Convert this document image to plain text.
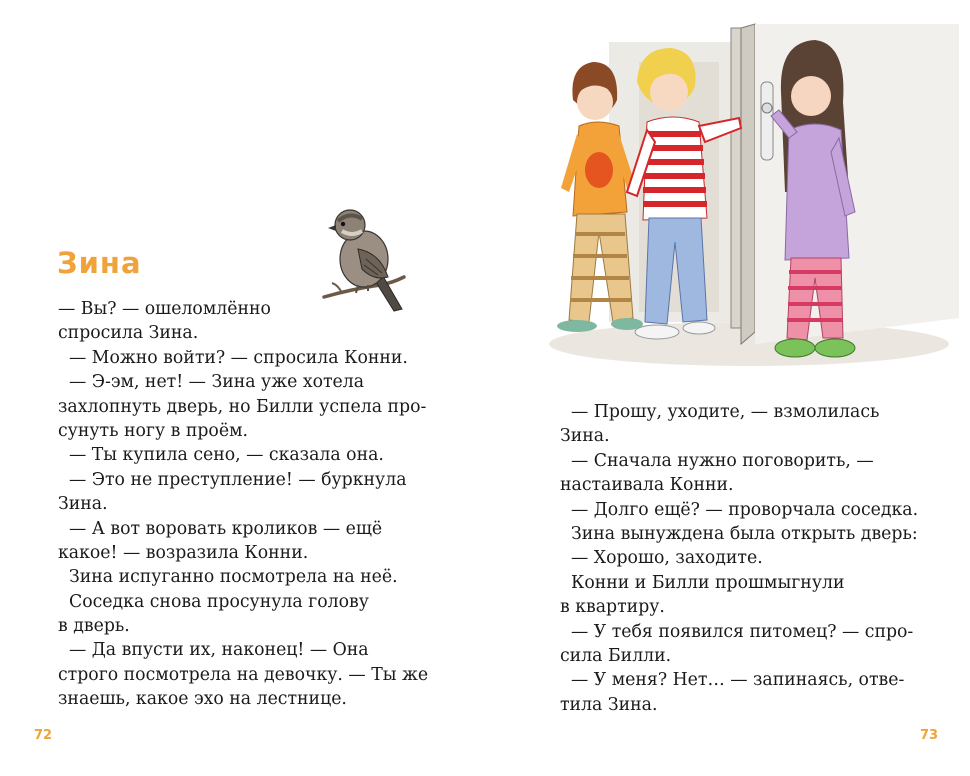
Зина
— Вы? — ошеломлённо
спросила Зина.
— Можно войти? — спросила Конни.
— Э-эм, нет! — Зина уже хотела
захлопнуть дверь, но Билли успела про-
сунуть ногу в проём.
— Ты купила сено, — сказала она.
— Это не преступление! — буркнула
Зина.
— А вот воровать кроликов — ещё
какое! — возразила Конни.
Зина испуганно посмотрела на неё.
Соседка снова просунула голову
в дверь.
— Да впусти их, наконец! — Она
строго посмотрела на девочку. — Ты же
знаешь, какое эхо на лестнице.
72
— Прошу, уходите, — взмолилась
Зина.
— Сначала нужно поговорить, —
настаивала Конни.
— Долго ещё? — проворчала соседка.
Зина вынуждена была открыть дверь:
— Хорошо, заходите.
Конни и Билли прошмыгнули
в квартиру.
— У тебя появился питомец? — спро-
сила Билли.
— У меня? Нет… — запинаясь, отве-
тила Зина.
73
